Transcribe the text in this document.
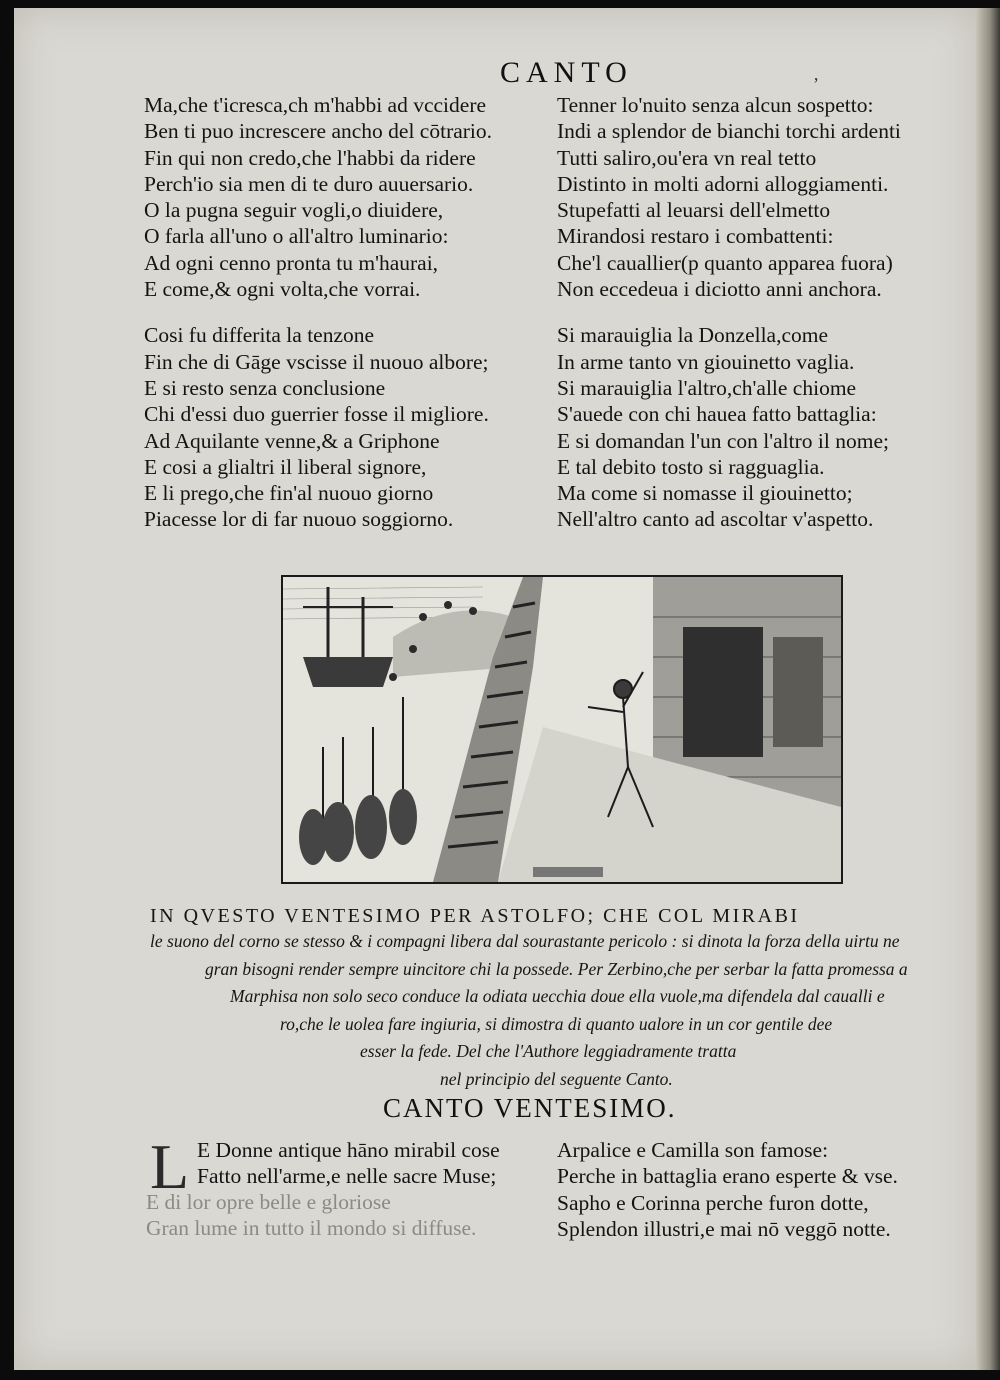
CANTO	’
Ma,che t'icresca,ch m'habbi ad vccidere
Ben ti puo increscere ancho del cōtrario.
Fin qui non credo,che l'habbi da ridere
Perch'io sia men di te duro auuersario.
O la pugna seguir vogli,o diuidere,
O farla all'uno o all'altro luminario:
Ad ogni cenno pronta tu m'haurai,
E come,& ogni volta,che vorrai.
Cosi fu differita la tenzone
Fin che di Gāge vscisse il nuouo albore;
E si resto senza conclusione
Chi d'essi duo guerrier fosse il migliore.
Ad Aquilante venne,& a Griphone
E cosi a glialtri il liberal signore,
E li prego,che fin'al nuouo giorno
Piacesse lor di far nuouo soggiorno.
Tenner lo'nuito senza alcun sospetto:
Indi a splendor de bianchi torchi ardenti
Tutti saliro,ou'era vn real tetto
Distinto in molti adorni alloggiamenti.
Stupefatti al leuarsi dell'elmetto
Mirandosi restaro i combattenti:
Che'l cauallier(p quanto apparea fuora)
Non eccedeua i diciotto anni anchora.
Si marauiglia la Donzella,come
In arme tanto vn giouinetto vaglia.
Si marauiglia l'altro,ch'alle chiome
S'auede con chi hauea fatto battaglia:
E si domandan l'un con l'altro il nome;
E tal debito tosto si ragguaglia.
Ma come si nomasse il giouinetto;
Nell'altro canto ad ascoltar v'aspetto.
IN QVESTO VENTESIMO PER ASTOLFO; CHE COL MIRABI
le suono del corno se stesso & i compagni libera dal sourastante pericolo : si dinota la forza della uirtu ne
gran bisogni render sempre uincitore chi la possede. Per Zerbino,che per serbar la fatta promessa a
Marphisa non solo seco conduce la odiata uecchia doue ella vuole,ma difendela dal caualli e
ro,che le uolea fare ingiuria, si dimostra di quanto ualore in un cor gentile dee
esser la fede. Del che l'Authore leggiadramente tratta
nel principio del seguente Canto.
CANTO VENTESIMO.
L E Donne antique hāno mirabil cose
Fatto nell'arme,e nelle sacre Muse;
E di lor opre belle e gloriose
Gran lume in tutto il mondo si diffuse.
Arpalice e Camilla son famose:
Perche in battaglia erano esperte & vse.
Sapho e Corinna perche furon dotte,
Splendon illustri,e mai nō veggō notte.
